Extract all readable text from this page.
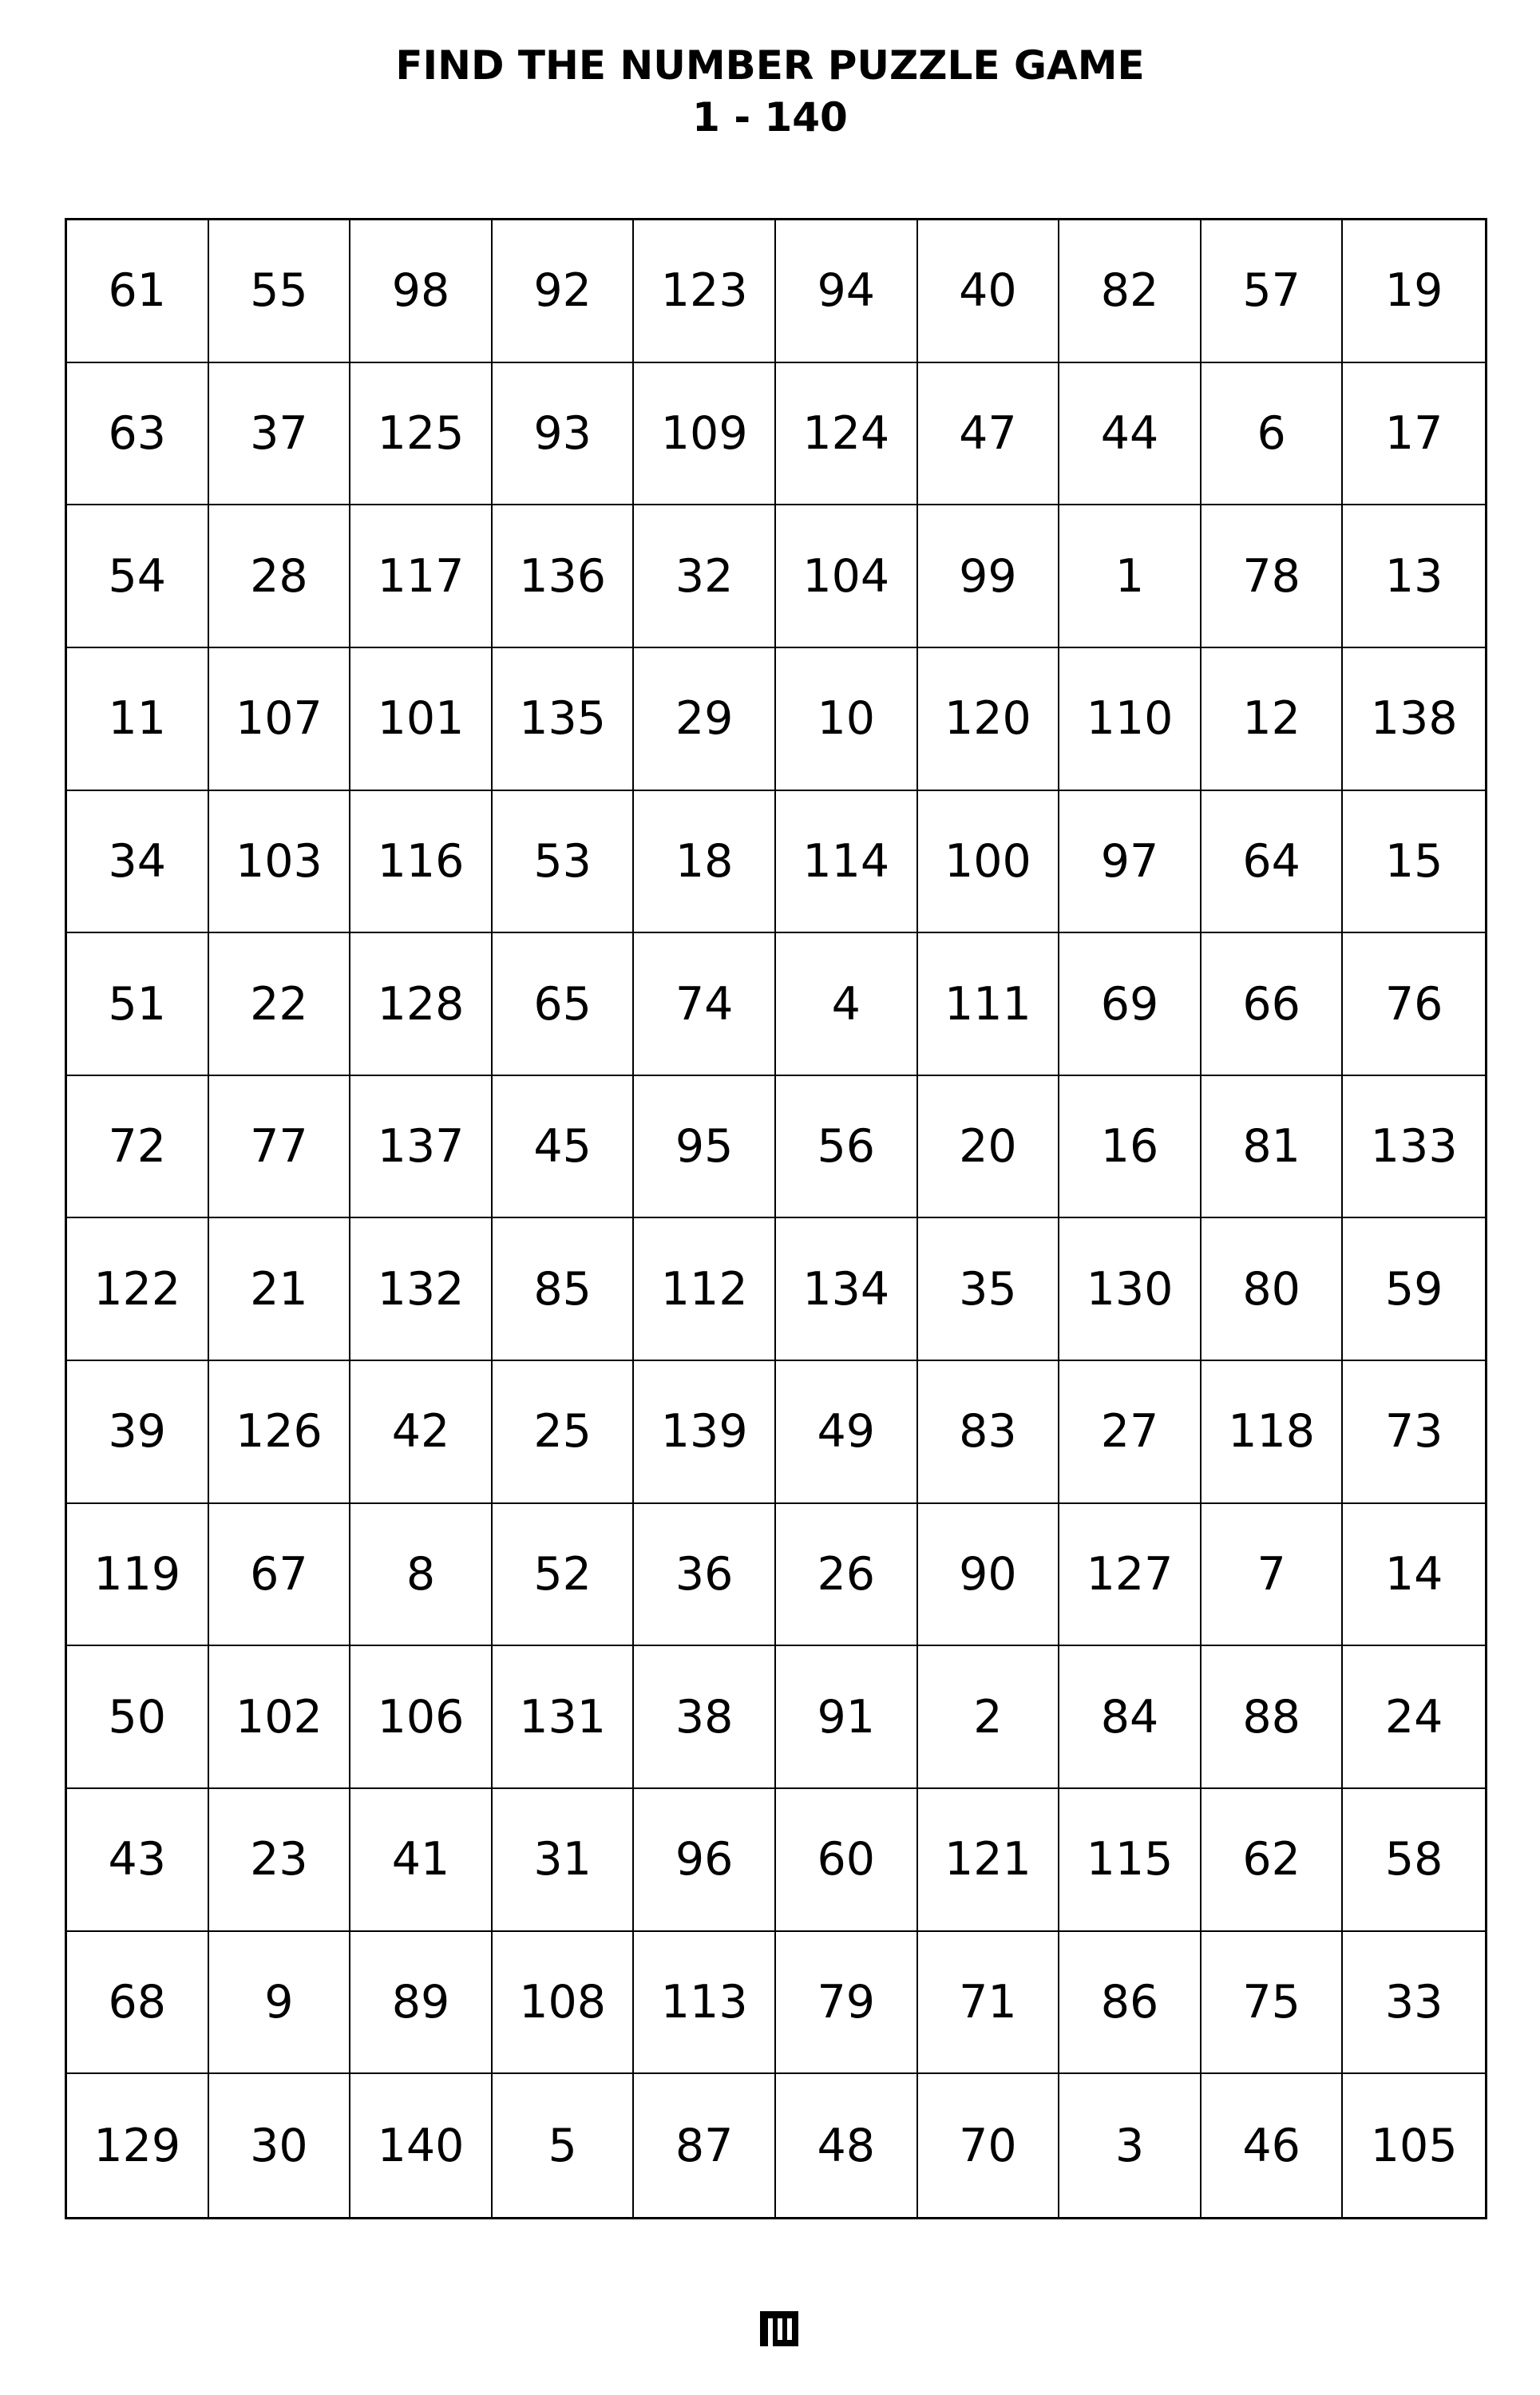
FIND THE NUMBER PUZZLE GAME
1 - 140
61	55	98	92	123	94	40	82	57	19
63	37	125	93	109	124	47	44	6	17
54	28	117	136	32	104	99	1	78	13
11	107	101	135	29	10	120	110	12	138
34	103	116	53	18	114	100	97	64	15
51	22	128	65	74	4	111	69	66	76
72	77	137	45	95	56	20	16	81	133
122	21	132	85	112	134	35	130	80	59
39	126	42	25	139	49	83	27	118	73
119	67	8	52	36	26	90	127	7	14
50	102	106	131	38	91	2	84	88	24
43	23	41	31	96	60	121	115	62	58
68	9	89	108	113	79	71	86	75	33
129	30	140	5	87	48	70	3	46	105
